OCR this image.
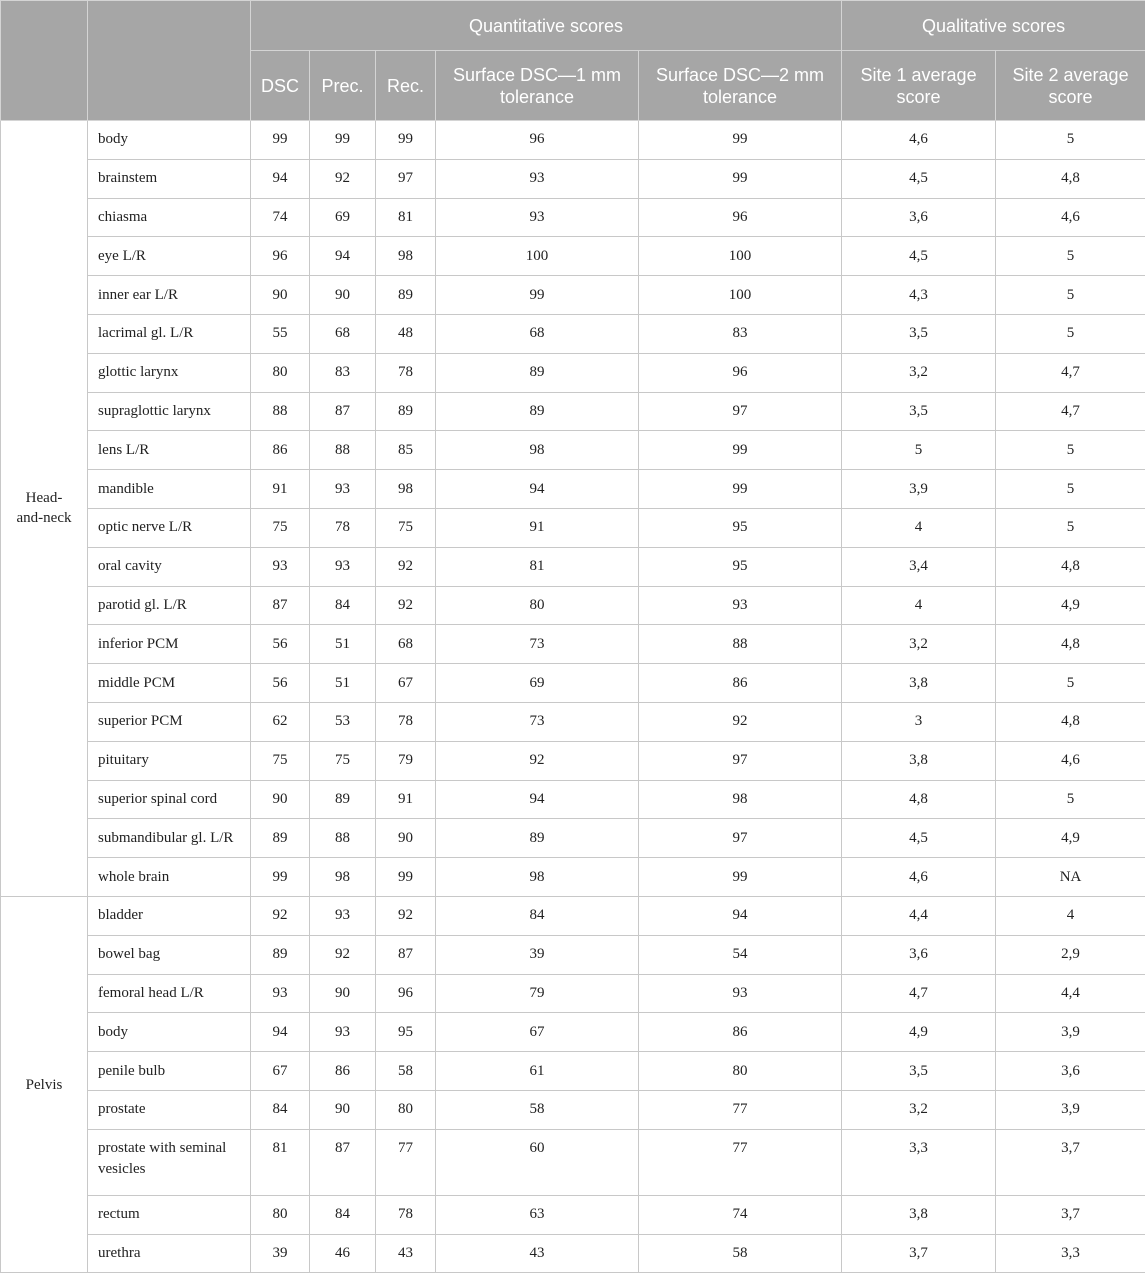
		Quantitative scores					Qualitative scores	
		DSC	Prec.	Rec.	Surface DSC—1 mm tolerance	Surface DSC—2 mm tolerance	Site 1 average score	Site 2 average score
Head-
and-neck	body	99	99	99	96	99	4,6	5
	brainstem	94	92	97	93	99	4,5	4,8
	chiasma	74	69	81	93	96	3,6	4,6
	eye L/R	96	94	98	100	100	4,5	5
	inner ear L/R	90	90	89	99	100	4,3	5
	lacrimal gl. L/R	55	68	48	68	83	3,5	5
	glottic larynx	80	83	78	89	96	3,2	4,7
	supraglottic larynx	88	87	89	89	97	3,5	4,7
	lens L/R	86	88	85	98	99	5	5
	mandible	91	93	98	94	99	3,9	5
	optic nerve L/R	75	78	75	91	95	4	5
	oral cavity	93	93	92	81	95	3,4	4,8
	parotid gl. L/R	87	84	92	80	93	4	4,9
	inferior PCM	56	51	68	73	88	3,2	4,8
	middle PCM	56	51	67	69	86	3,8	5
	superior PCM	62	53	78	73	92	3	4,8
	pituitary	75	75	79	92	97	3,8	4,6
	superior spinal cord	90	89	91	94	98	4,8	5
	submandibular gl. L/R	89	88	90	89	97	4,5	4,9
	whole brain	99	98	99	98	99	4,6	NA
Pelvis	bladder	92	93	92	84	94	4,4	4
	bowel bag	89	92	87	39	54	3,6	2,9
	femoral head L/R	93	90	96	79	93	4,7	4,4
	body	94	93	95	67	86	4,9	3,9
	penile bulb	67	86	58	61	80	3,5	3,6
	prostate	84	90	80	58	77	3,2	3,9
	prostate with seminal vesicles	81	87	77	60	77	3,3	3,7
	rectum	80	84	78	63	74	3,8	3,7
	urethra	39	46	43	43	58	3,7	3,3
